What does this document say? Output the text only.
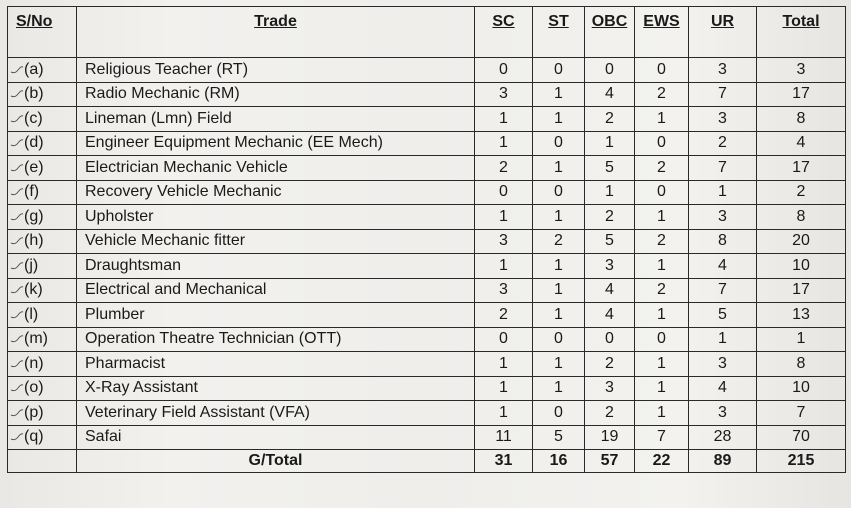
S/No	Trade	SC	ST	OBC	EWS	UR	Total
(a)	Religious Teacher (RT)	0	0	0	0	3	3
(b)	Radio Mechanic (RM)	3	1	4	2	7	17
(c)	Lineman (Lmn) Field	1	1	2	1	3	8
(d)	Engineer Equipment Mechanic (EE Mech)	1	0	1	0	2	4
(e)	Electrician Mechanic Vehicle	2	1	5	2	7	17
(f)	Recovery Vehicle Mechanic	0	0	1	0	1	2
(g)	Upholster	1	1	2	1	3	8
(h)	Vehicle Mechanic fitter	3	2	5	2	8	20
(j)	Draughtsman	1	1	3	1	4	10
(k)	Electrical and Mechanical	3	1	4	2	7	17
(l)	Plumber	2	1	4	1	5	13
(m)	Operation Theatre Technician (OTT)	0	0	0	0	1	1
(n)	Pharmacist	1	1	2	1	3	8
(o)	X-Ray Assistant	1	1	3	1	4	10
(p)	Veterinary Field Assistant (VFA)	1	0	2	1	3	7
(q)	Safai	11	5	19	7	28	70
	G/Total	31	16	57	22	89	215
